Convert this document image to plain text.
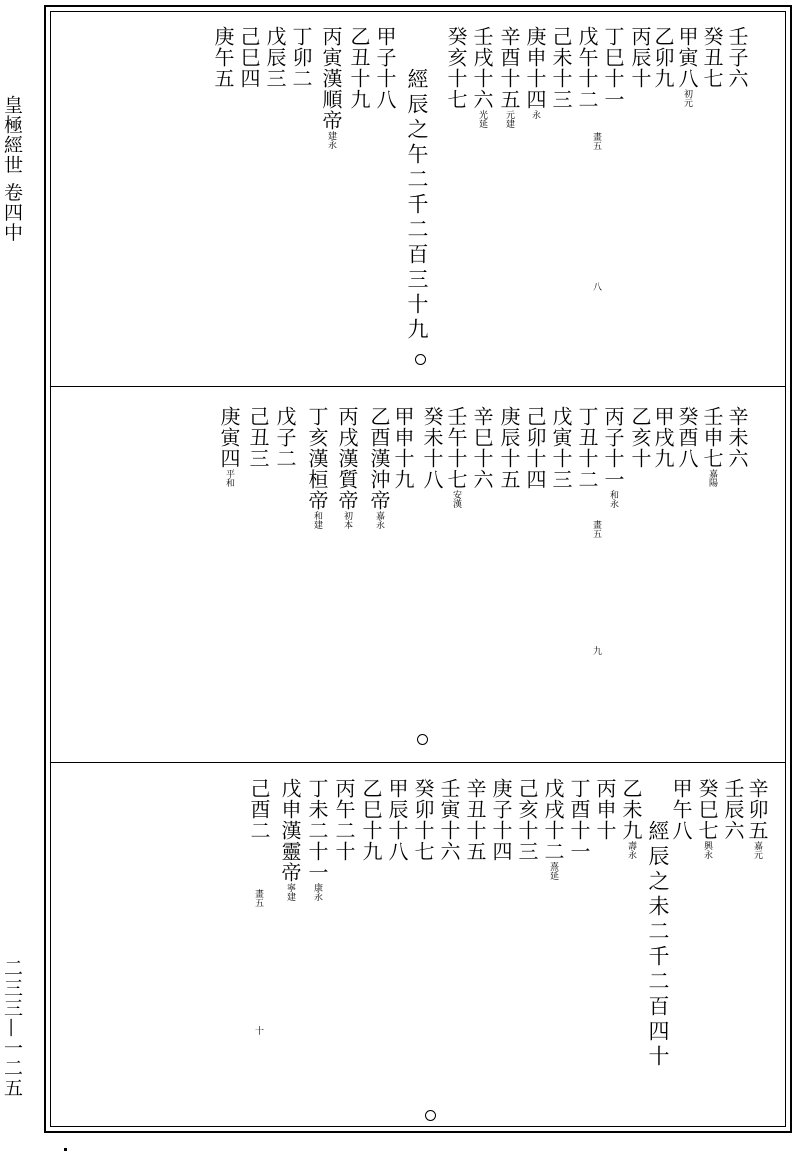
皇極經世 卷四中
二三三—一二五
壬子六
癸丑七
甲寅八初元
乙卯九
丙辰十
丁巳十一
戊午十二
己未十三
庚申十四永
辛酉十五元建
壬戌十六光延
癸亥十七
經辰之午二千二百三十九
甲子十八
乙丑十九
丙寅漢順帝建永
丁卯二
戊辰三
己巳四
庚午五
畫五
八
辛未六
壬申七嘉陽
癸酉八
甲戌九
乙亥十
丙子十一和永
丁丑十二
戊寅十三
己卯十四
庚辰十五
辛巳十六
壬午十七安漢
癸未十八
甲申十九
乙酉漢沖帝嘉永
丙戌漢質帝初本
丁亥漢桓帝和建
戊子二
己丑三
庚寅四平和
畫五
九
辛卯五嘉元
壬辰六
癸巳七興永
甲午八
經辰之未二千二百四十
乙未九壽永
丙申十
丁酉十一
戊戌十二熹延
己亥十三
庚子十四
辛丑十五
壬寅十六
癸卯十七
甲辰十八
乙巳十九
丙午二十
丁未二十一康永
戊申漢靈帝寧建
己酉二
畫五
十
